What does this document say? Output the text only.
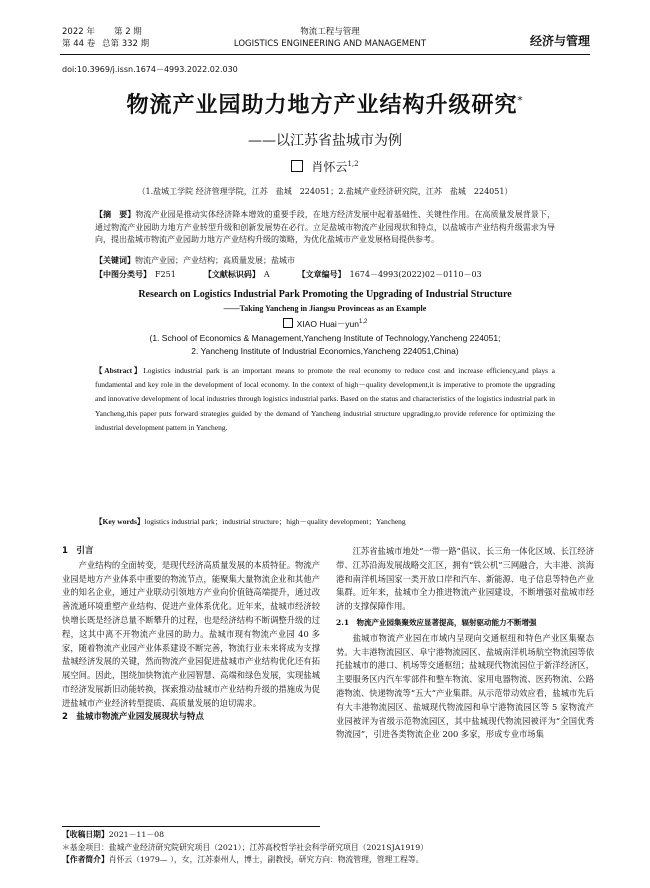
2022 年 第 2 期
第 44 卷 总第 332 期
物流工程与管理
LOGISTICS ENGINEERING AND MANAGEMENT	经济与管理
doi:10.3969/j.issn.1674－4993.2022.02.030
物流产业园助力地方产业结构升级研究*
——以江苏省盐城市为例
肖怀云$^{1,2}$
（1.盐城工学院 经济管理学院，江苏　盐城　224051；2.盐城产业经济研究院，江苏　盐城　224051）
【摘　要】物流产业园是推动实体经济降本增效的重要手段，在地方经济发展中起着基础性、关键性作用。在高质量发展背景下，通过物流产业园助力地方产业转型升级和创新发展势在必行。立足盐城市物流产业园现状和特点，以盐城市产业结构升级需求为导向，提出盐城市物流产业园助力地方产业结构升级的策略，为优化盐城市产业发展格局提供参考。
【关键词】物流产业园；产业结构；高质量发展；盐城市
【中图分类号】　 F251	【文献标识码】　 A	【文章编号】　 1674－4993(2022)02－0110－03
Research on Logistics Industrial Park Promoting the Upgrading of Industrial Structure
——Taking Yancheng in Jiangsu Provinceas as an Example
XIAO Huai－yun$^{1,2}$
(1. School of Economics & Management,Yancheng Institute of Technology,Yancheng 224051;
2. Yancheng Institute of Industrial Economics,Yancheng 224051,China)
【Abstract】Logistics industrial park is an important means to promote the real economy to reduce cost and increase efficiency,and plays a fundamental and key role in the development of local economy. In the context of high－quality development,it is imperative to promote the upgrading and innovative development of local industries through logistics industrial parks. Based on the status and characteristics of the logistics industrial park in Yancheng,this paper puts forward strategies guided by the demand of Yancheng industrial structure upgrading,to provide reference for optimizing the industrial development pattern in Yancheng.
【Key words】logistics industrial park；industrial structure；high－quality development；Yancheng
1　引言

产业结构的全面转变，是现代经济高质量发展的本质特征。物流产业园是地方产业体系中重要的物流节点，能聚集大量物流企业和其他产业的知名企业，通过产业联动引领地方产业向价值链高端提升，通过改善流通环境重塑产业结构、促进产业体系优化。近年来，盐城市经济较快增长既是经济总量不断攀升的过程，也是经济结构不断调整升级的过程，这其中离不开物流产业园的助力。盐城市现有物流产业园 40 多家，随着物流产业园产业体系建设不断完善，物流行业未来将成为支撑盐城经济发展的关键，然而物流产业园促进盐城市产业结构优化还有拓展空间。因此，围绕加快物流产业园智慧、高端和绿色发展，实现盐城市经济发展新旧动能转换，探索推动盐城市产业结构升级的措施成为促进盐城市产业经济转型提质、高质量发展的迫切需求。

2　盐城市物流产业园发展现状与特点

江苏省盐城市地处“一带一路”倡议、长三角一体化区域、长江经济带、江苏沿海发展战略交汇区，拥有“铁公机”三网融合，大丰港、滨海港和南洋机场国家一类开放口岸和汽车、新能源、电子信息等特色产业集群。近年来，盐城市全力推进物流产业园建设，不断增强对盐城市经济的支撑保障作用。

2.1　物流产业园集聚效应显著提高，辐射驱动能力不断增强

盐城市物流产业园在市域内呈现向交通枢纽和特色产业区集聚态势。大丰港物流园区、阜宁港物流园区、盐城南洋机场航空物流园等依托盐城市的港口、机场等交通枢纽；盐城现代物流园位于新洋经济区，主要服务区内汽车零部件和整车物流、家用电器物流、医药物流、公路港物流、快递物流等“五大”产业集群。从示范带动效应看，盐城市先后有大丰港物流园区、盐城现代物流园和阜宁港物流园区等 5 家物流产业园被评为省级示范物流园区，其中盐城现代物流园被评为“全国优秀物流园”，引进各类物流企业 200 多家，形成专业市场集

【收稿日期】2021－11－08
＊基金项目：盐城产业经济研究院研究项目（2021）；江苏高校哲学社会科学研究项目（2021SJA1919）
【作者简介】肖怀云（1979— ），女，江苏泰州人，博士，副教授，研究方向：物流管理，管理工程等。
